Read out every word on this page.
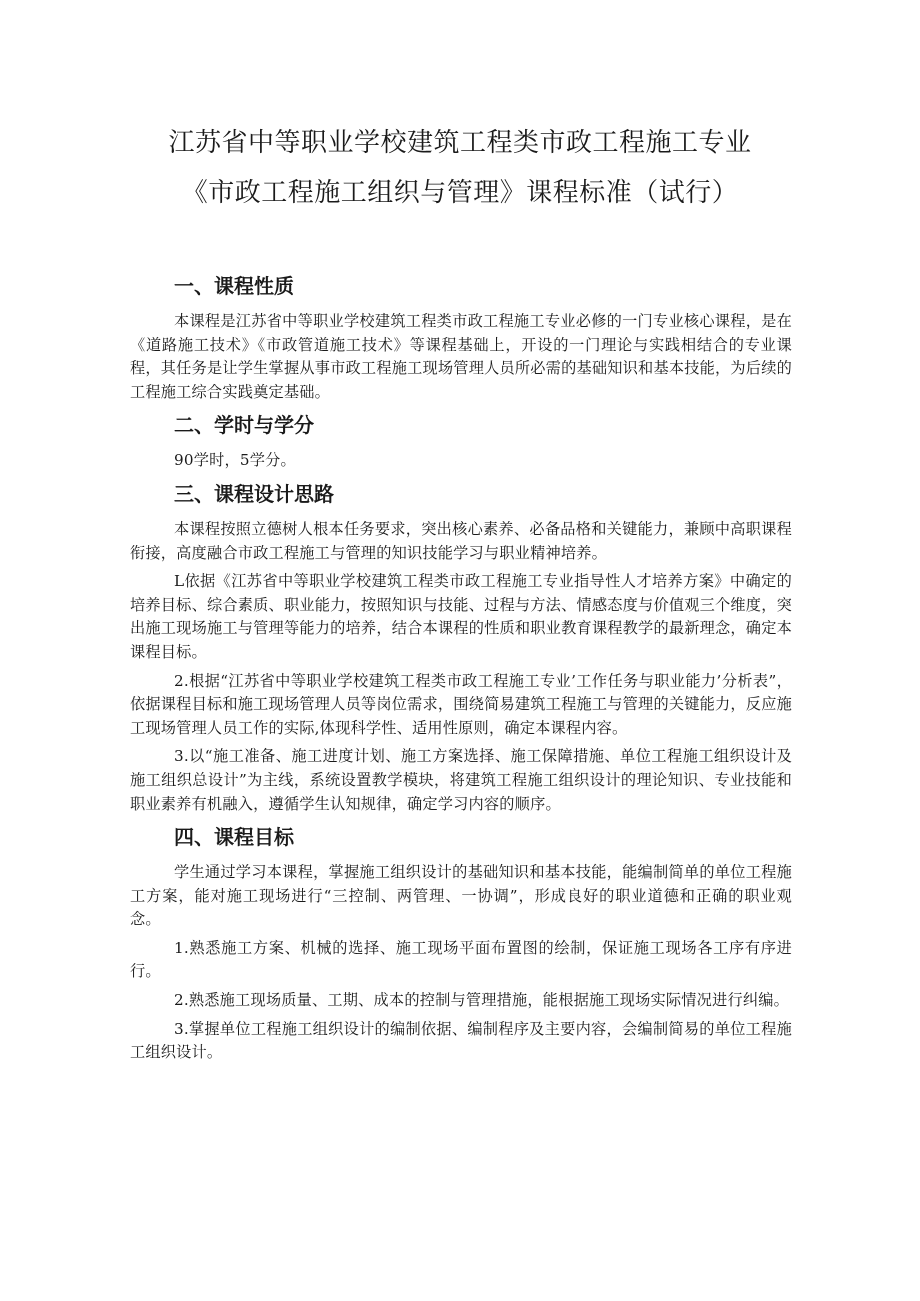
江苏省中等职业学校建筑工程类市政工程施工专业
《市政工程施工组织与管理》课程标准（试行）
一、课程性质

本课程是江苏省中等职业学校建筑工程类市政工程施工专业必修的一门专业核心课程，是在《道路施工技术》《市政管道施工技术》等课程基础上，开设的一门理论与实践相结合的专业课程，其任务是让学生掌握从事市政工程施工现场管理人员所必需的基础知识和基本技能，为后续的工程施工综合实践奠定基础。

二、学时与学分

90学时，5学分。

三、课程设计思路

本课程按照立德树人根本任务要求，突出核心素养、必备品格和关键能力，兼顾中高职课程衔接，高度融合市政工程施工与管理的知识技能学习与职业精神培养。

L依据《江苏省中等职业学校建筑工程类市政工程施工专业指导性人才培养方案》中确定的培养目标、综合素质、职业能力，按照知识与技能、过程与方法、情感态度与价值观三个维度，突出施工现场施工与管理等能力的培养，结合本课程的性质和职业教育课程教学的最新理念，确定本课程目标。

2.根据“江苏省中等职业学校建筑工程类市政工程施工专业’工作任务与职业能力’分析表”，依据课程目标和施工现场管理人员等岗位需求，围绕简易建筑工程施工与管理的关键能力，反应施工现场管理人员工作的实际,体现科学性、适用性原则，确定本课程内容。

3.以“施工准备、施工进度计划、施工方案选择、施工保障措施、单位工程施工组织设计及施工组织总设计”为主线，系统设置教学模块，将建筑工程施工组织设计的理论知识、专业技能和职业素养有机融入，遵循学生认知规律，确定学习内容的顺序。

四、课程目标

学生通过学习本课程，掌握施工组织设计的基础知识和基本技能，能编制简单的单位工程施工方案，能对施工现场进行“三控制、两管理、一协调”，形成良好的职业道德和正确的职业观念。

1.熟悉施工方案、机械的选择、施工现场平面布置图的绘制，保证施工现场各工序有序进行。

2.熟悉施工现场质量、工期、成本的控制与管理措施，能根据施工现场实际情况进行纠编。

3.掌握单位工程施工组织设计的编制依据、编制程序及主要内容，会编制简易的单位工程施工组织设计。
